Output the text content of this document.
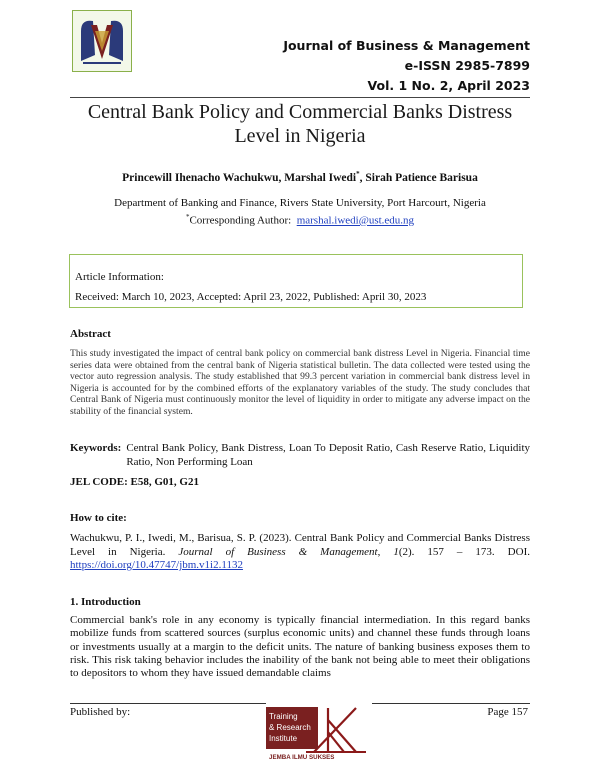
Journal of Business & Management
e-ISSN 2985-7899
Vol. 1 No. 2, April 2023
Central Bank Policy and Commercial Banks Distress
Level in Nigeria
Princewill Ihenacho Wachukwu, Marshal Iwedi*, Sirah Patience Barisua
Department of Banking and Finance, Rivers State University, Port Harcourt, Nigeria
*Corresponding Author: marshal.iwedi@ust.edu.ng
Article Information:
Received: March 10, 2023, Accepted: April 23, 2022, Published: April 30, 2023
Abstract
This study investigated the impact of central bank policy on commercial bank distress Level in Nigeria. Financial time series data were obtained from the central bank of Nigeria statistical bulletin. The data collected were tested using the vector auto regression analysis. The study established that 99.3 percent variation in commercial bank distress level in Nigeria is accounted for by the combined efforts of the explanatory variables of the study. The study concludes that Central Bank of Nigeria must continuously monitor the level of liquidity in order to mitigate any adverse impact on the stability of the financial system.
Keywords: Central Bank Policy, Bank Distress, Loan To Deposit Ratio, Cash Reserve Ratio, Liquidity Ratio, Non Performing Loan
JEL CODE: E58, G01, G21
How to cite:
Wachukwu, P. I., Iwedi, M., Barisua, S. P. (2023). Central Bank Policy and Commercial Banks Distress Level in Nigeria. Journal of Business & Management, 1(2). 157 – 173. DOI. https://doi.org/10.47747/jbm.v1i2.1132
1. Introduction
Commercial bank's role in any economy is typically financial intermediation. In this regard banks mobilize funds from scattered sources (surplus economic units) and channel these funds through loans or investments usually at a margin to the deficit units. The nature of banking business exposes them to risk. This risk taking behavior includes the inability of the bank not being able to meet their obligations to depositors to whom they have issued demandable claims
Published by:	Page 157
Training
& Research
Institute
JEMBA ILMU SUKSES
